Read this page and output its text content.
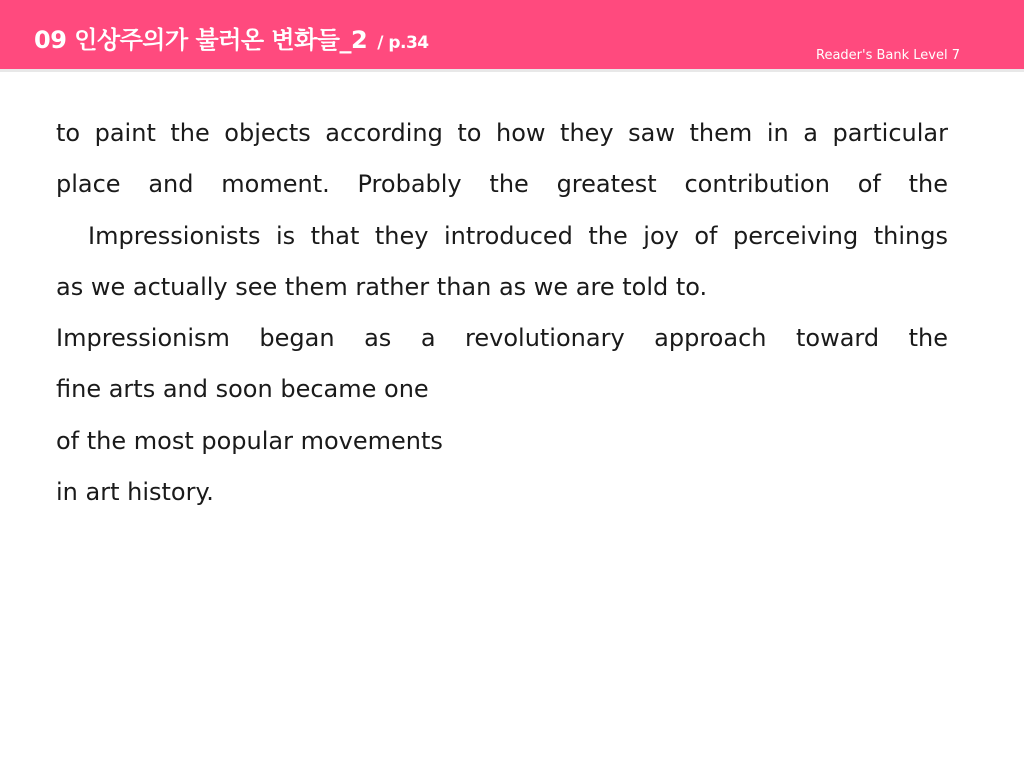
09 인상주의가 불러온 변화들_2 / p.34
Reader's Bank Level 7
to paint the objects according to how they saw them in a particular
place and moment. Probably the greatest contribution of the
Impressionists is that they introduced the joy of perceiving things
as we actually see them rather than as we are told to.
Impressionism began as a revolutionary approach toward the
fine arts and soon became one
of the most popular movements
in art history.
